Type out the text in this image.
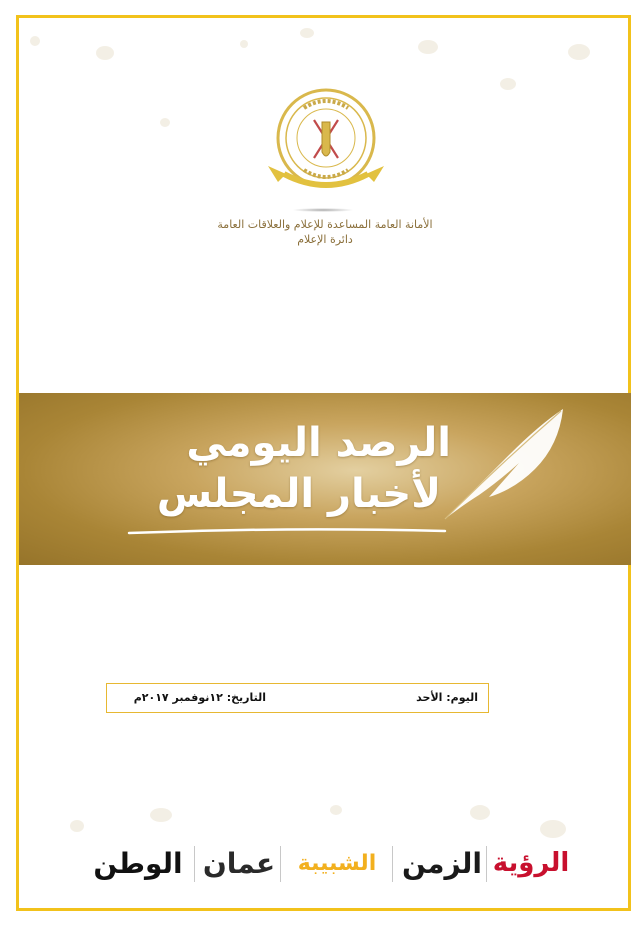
الأمانة العامة المساعدة للإعلام والعلاقات العامة
دائرة الإعلام
الرصد اليومي
لأخبار المجلس
اليوم: الأحد
التاريخ: ١٢نوفمبر ٢٠١٧م
الرؤية
الزمن
الشبيبة
عمان
الوطن
